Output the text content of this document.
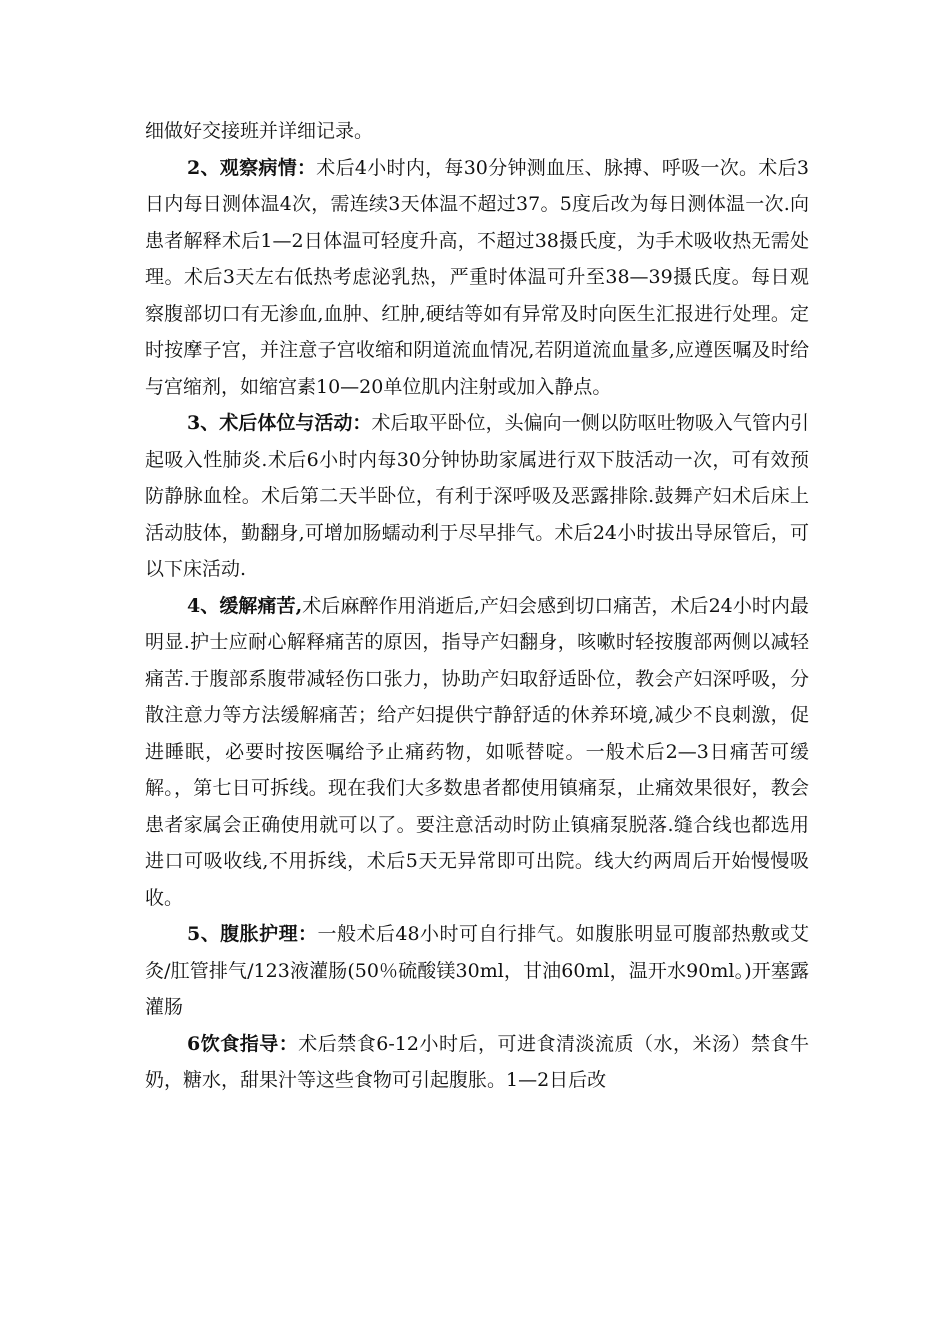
细做好交接班并详细记录。

2、观察病情：术后4小时内，每30分钟测血压、脉搏、呼吸一次。术后3日内每日测体温4次，需连续3天体温不超过37。5度后改为每日测体温一次.向患者解释术后1—2日体温可轻度升高，不超过38摄氏度，为手术吸收热无需处理。术后3天左右低热考虑泌乳热，严重时体温可升至38—39摄氏度。每日观察腹部切口有无渗血,血肿、红肿,硬结等如有异常及时向医生汇报进行处理。定时按摩子宫，并注意子宫收缩和阴道流血情况,若阴道流血量多,应遵医嘱及时给与宫缩剂，如缩宫素10—20单位肌内注射或加入静点。

3、术后体位与活动：术后取平卧位，头偏向一侧以防呕吐物吸入气管内引起吸入性肺炎.术后6小时内每30分钟协助家属进行双下肢活动一次，可有效预防静脉血栓。术后第二天半卧位，有利于深呼吸及恶露排除.鼓舞产妇术后床上活动肢体，勤翻身,可增加肠蠕动利于尽早排气。术后24小时拔出导尿管后，可以下床活动.

4、缓解痛苦,术后麻醉作用消逝后,产妇会感到切口痛苦，术后24小时内最明显.护士应耐心解释痛苦的原因，指导产妇翻身，咳嗽时轻按腹部两侧以减轻痛苦.于腹部系腹带减轻伤口张力，协助产妇取舒适卧位，教会产妇深呼吸，分散注意力等方法缓解痛苦；给产妇提供宁静舒适的休养环境,减少不良刺激，促进睡眠，必要时按医嘱给予止痛药物，如哌替啶。一般术后2—3日痛苦可缓解。，第七日可拆线。现在我们大多数患者都使用镇痛泵，止痛效果很好，教会患者家属会正确使用就可以了。要注意活动时防止镇痛泵脱落.缝合线也都选用进口可吸收线,不用拆线，术后5天无异常即可出院。线大约两周后开始慢慢吸收。

5、腹胀护理：一般术后48小时可自行排气。如腹胀明显可腹部热敷或艾灸/肛管排气/123液灌肠(50％硫酸镁30ml，甘油60ml，温开水90ml。)开塞露灌肠

6饮食指导：术后禁食6-12小时后，可进食清淡流质（水，米汤）禁食牛奶，糖水，甜果汁等这些食物可引起腹胀。1—2日后改
